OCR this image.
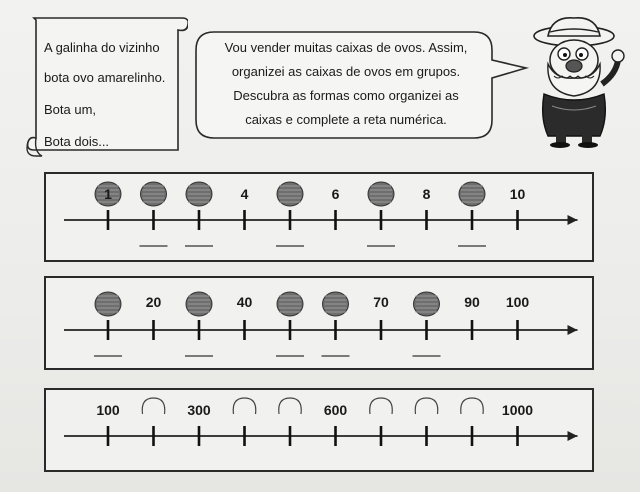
A galinha do vizinho
bota ovo amarelinho.
Bota um,
Bota dois...
Vou vender muitas caixas de ovos. Assim,
organizei as caixas de ovos em grupos.
Descubra as formas como organizei as
caixas e complete a reta numérica.
1	4	6	8	10
20	40	70	90 100
100	300	600	1000
